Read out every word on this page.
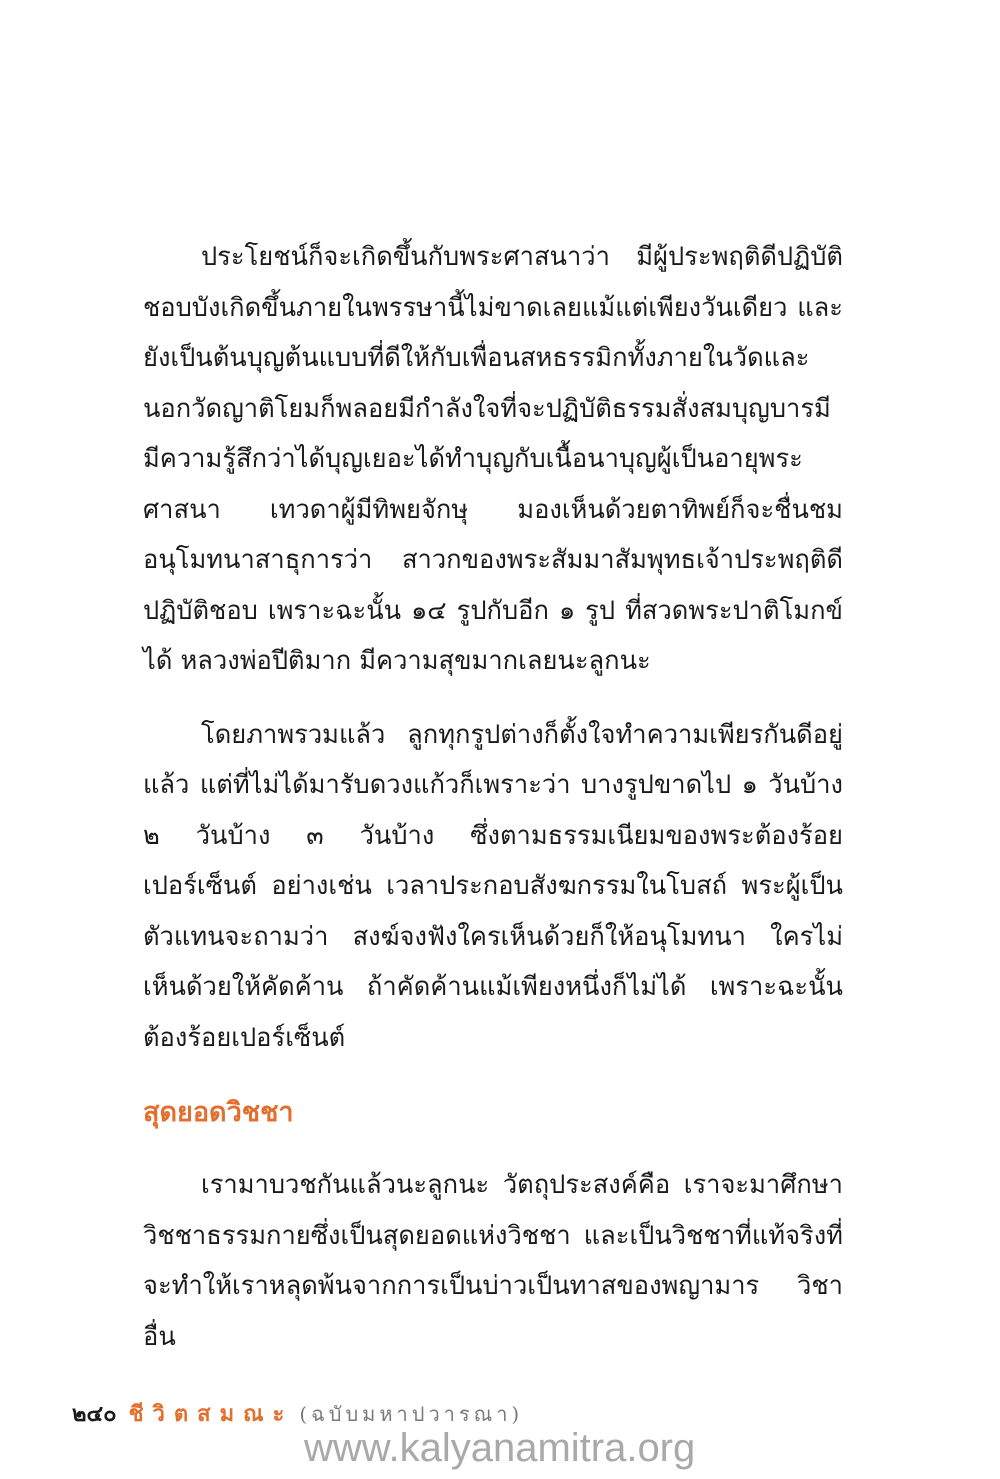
ประโยชน์ก็จะเกิดขึ้นกับพระศาสนาว่า มีผู้ประพฤติดีปฏิบัติชอบบังเกิดขึ้นภายในพรรษานี้ไม่ขาดเลยแม้แต่เพียงวันเดียว และยังเป็นต้นบุญต้นแบบที่ดีให้กับเพื่อนสหธรรมิกทั้งภายในวัดและนอกวัดญาติโยมก็พลอยมีกำลังใจที่จะปฏิบัติธรรมสั่งสมบุญบารมี มีความรู้สึกว่าได้บุญเยอะได้ทำบุญกับเนื้อนาบุญผู้เป็นอายุพระศาสนา เทวดาผู้มีทิพยจักษุ มองเห็นด้วยตาทิพย์ก็จะชื่นชมอนุโมทนาสาธุการว่า สาวกของพระสัมมาสัมพุทธเจ้าประพฤติดีปฏิบัติชอบ เพราะฉะนั้น ๑๔ รูปกับอีก ๑ รูป ที่สวดพระปาติโมกข์ได้ หลวงพ่อปีติมาก มีความสุขมากเลยนะลูกนะ

โดยภาพรวมแล้ว ลูกทุกรูปต่างก็ตั้งใจทำความเพียรกันดีอยู่แล้ว แต่ที่ไม่ได้มารับดวงแก้วก็เพราะว่า บางรูปขาดไป ๑ วันบ้าง ๒ วันบ้าง ๓ วันบ้าง ซึ่งตามธรรมเนียมของพระต้องร้อยเปอร์เซ็นต์ อย่างเช่น เวลาประกอบสังฆกรรมในโบสถ์ พระผู้เป็นตัวแทนจะถามว่า สงฆ์จงฟังใครเห็นด้วยก็ให้อนุโมทนา ใครไม่เห็นด้วยให้คัดค้าน ถ้าคัดค้านแม้เพียงหนึ่งก็ไม่ได้ เพราะฉะนั้นต้องร้อยเปอร์เซ็นต์

สุดยอดวิชชา

เรามาบวชกันแล้วนะลูกนะ วัตถุประสงค์คือ เราจะมาศึกษาวิชชาธรรมกายซึ่งเป็นสุดยอดแห่งวิชชา และเป็นวิชชาที่แท้จริงที่จะทำให้เราหลุดพ้นจากการเป็นบ่าวเป็นทาสของพญามาร วิชาอื่น

๒๔๐ ชีวิตสมณะ (ฉบับมหาปวารณา)
www.kalyanamitra.org
